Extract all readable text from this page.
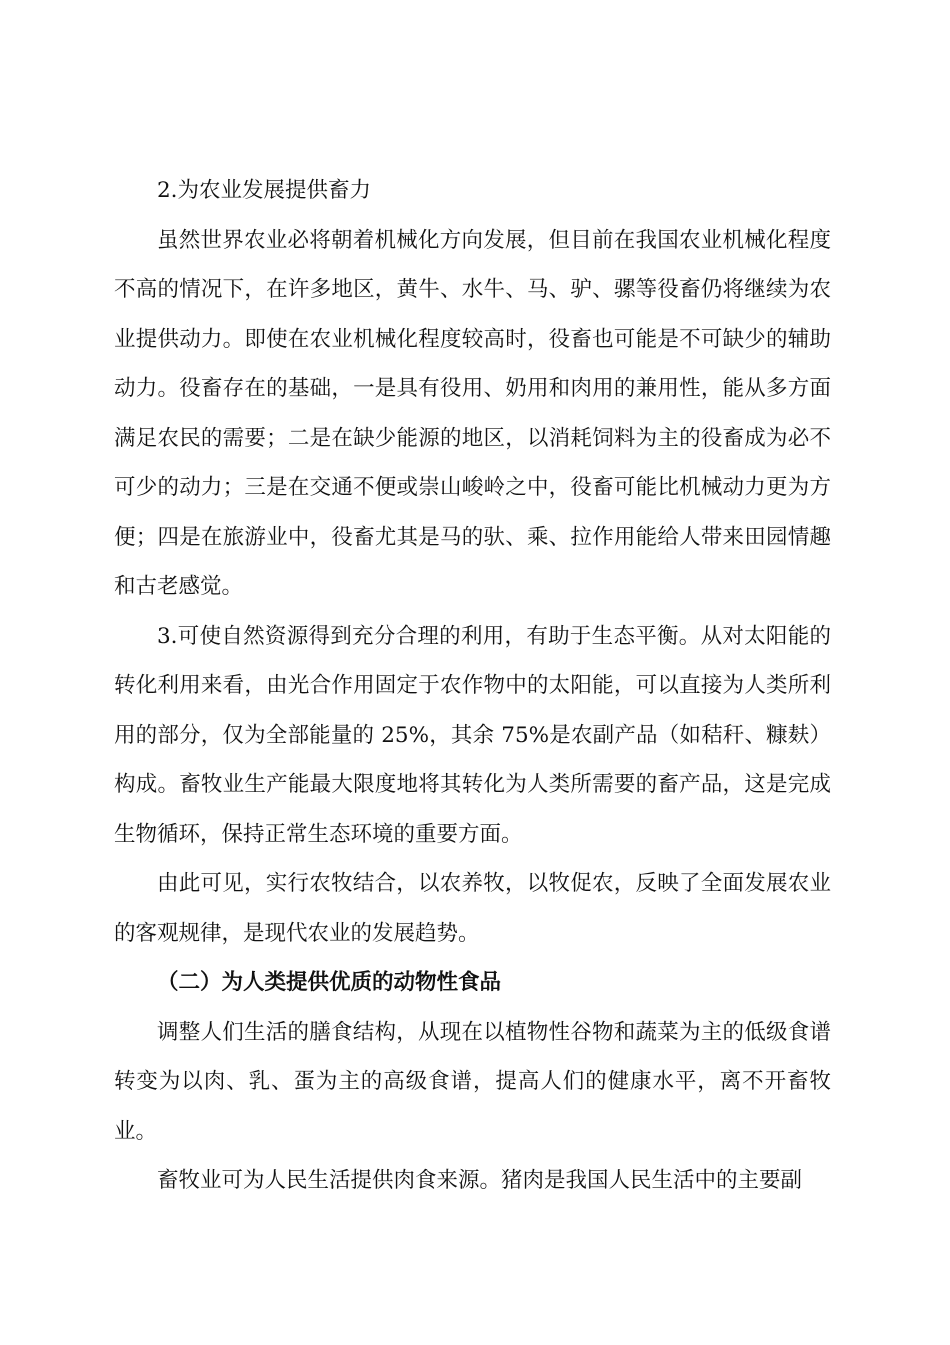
2.为农业发展提供畜力

虽然世界农业必将朝着机械化方向发展，但目前在我国农业机械化程度不高的情况下，在许多地区，黄牛、水牛、马、驴、骡等役畜仍将继续为农业提供动力。即使在农业机械化程度较高时，役畜也可能是不可缺少的辅助动力。役畜存在的基础，一是具有役用、奶用和肉用的兼用性，能从多方面满足农民的需要；二是在缺少能源的地区，以消耗饲料为主的役畜成为必不可少的动力；三是在交通不便或崇山峻岭之中，役畜可能比机械动力更为方便；四是在旅游业中，役畜尤其是马的驮、乘、拉作用能给人带来田园情趣和古老感觉。

3.可使自然资源得到充分合理的利用，有助于生态平衡。从对太阳能的转化利用来看，由光合作用固定于农作物中的太阳能，可以直接为人类所利用的部分，仅为全部能量的 25%，其余 75%是农副产品（如秸秆、糠麸）构成。畜牧业生产能最大限度地将其转化为人类所需要的畜产品，这是完成生物循环，保持正常生态环境的重要方面。

由此可见，实行农牧结合，以农养牧，以牧促农，反映了全面发展农业的客观规律，是现代农业的发展趋势。

（二）为人类提供优质的动物性食品

调整人们生活的膳食结构，从现在以植物性谷物和蔬菜为主的低级食谱转变为以肉、乳、蛋为主的高级食谱，提高人们的健康水平，离不开畜牧业。

畜牧业可为人民生活提供肉食来源。猪肉是我国人民生活中的主要副
